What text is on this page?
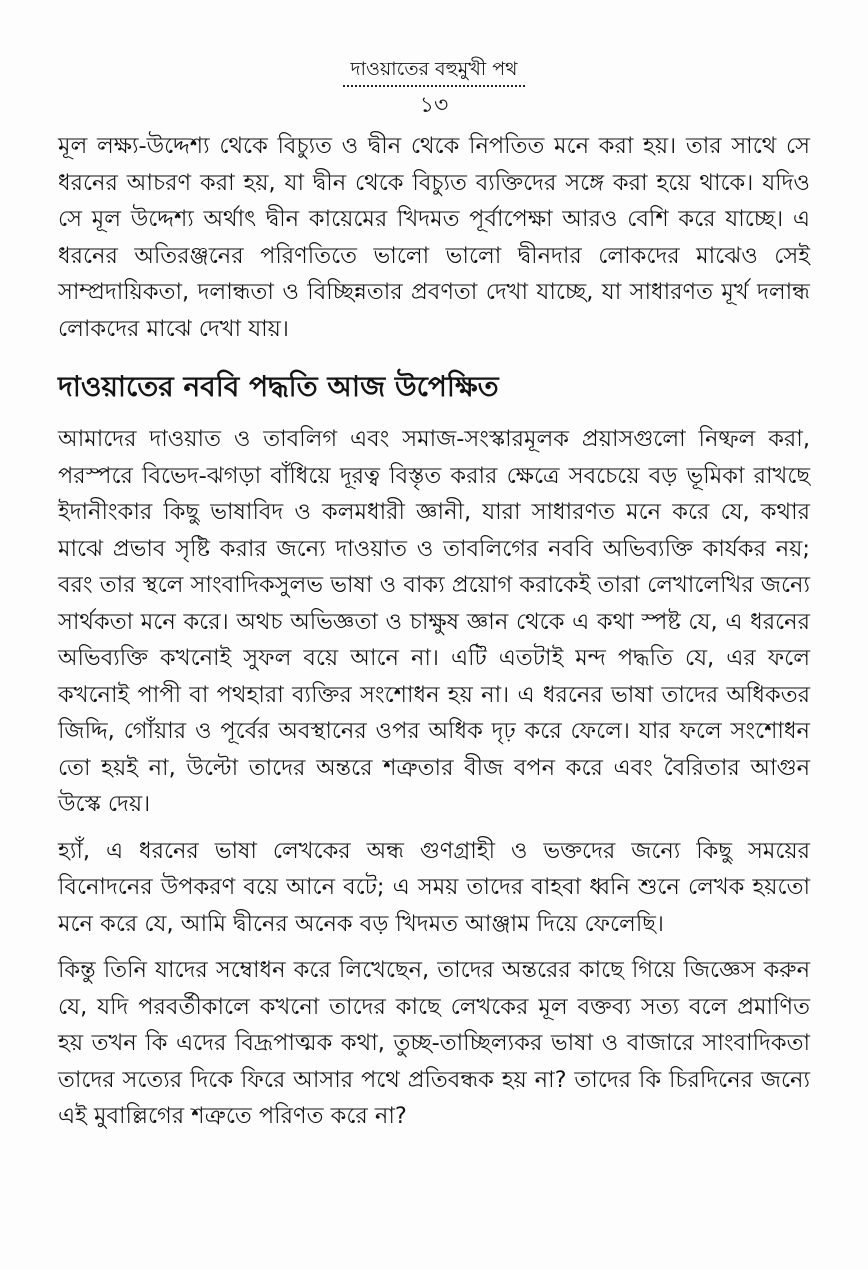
দাওয়াতের বহুমুখী পথ
১৩

মূল লক্ষ্য-উদ্দেশ্য থেকে বিচ্যুত ও দ্বীন থেকে নিপতিত মনে করা হয়। তার সাথে সে ধরনের আচরণ করা হয়, যা দ্বীন থেকে বিচ্যুত ব্যক্তিদের সঙ্গে করা হয়ে থাকে। যদিও সে মূল উদ্দেশ্য অর্থাৎ দ্বীন কায়েমের খিদমত পূর্বাপেক্ষা আরও বেশি করে যাচ্ছে। এ ধরনের অতিরঞ্জনের পরিণতিতে ভালো ভালো দ্বীনদার লোকদের মাঝেও সেই সাম্প্রদায়িকতা, দলান্ধতা ও বিচ্ছিন্নতার প্রবণতা দেখা যাচ্ছে, যা সাধারণত মূর্খ দলান্ধ লোকদের মাঝে দেখা যায়।

দাওয়াতের নববি পদ্ধতি আজ উপেক্ষিত

আমাদের দাওয়াত ও তাবলিগ এবং সমাজ-সংস্কারমূলক প্রয়াসগুলো নিষ্ফল করা, পরস্পরে বিভেদ-ঝগড়া বাঁধিয়ে দূরত্ব বিস্তৃত করার ক্ষেত্রে সবচেয়ে বড় ভূমিকা রাখছে ইদানীংকার কিছু ভাষাবিদ ও কলমধারী জ্ঞানী, যারা সাধারণত মনে করে যে, কথার মাঝে প্রভাব সৃষ্টি করার জন্যে দাওয়াত ও তাবলিগের নববি অভিব্যক্তি কার্যকর নয়; বরং তার স্থলে সাংবাদিকসুলভ ভাষা ও বাক্য প্রয়োগ করাকেই তারা লেখালেখির জন্যে সার্থকতা মনে করে। অথচ অভিজ্ঞতা ও চাক্ষুষ জ্ঞান থেকে এ কথা স্পষ্ট যে, এ ধরনের অভিব্যক্তি কখনোই সুফল বয়ে আনে না। এটি এতটাই মন্দ পদ্ধতি যে, এর ফলে কখনোই পাপী বা পথহারা ব্যক্তির সংশোধন হয় না। এ ধরনের ভাষা তাদের অধিকতর জিদ্দি, গোঁয়ার ও পূর্বের অবস্থানের ওপর অধিক দৃঢ় করে ফেলে। যার ফলে সংশোধন তো হয়ই না, উল্টো তাদের অন্তরে শত্রুতার বীজ বপন করে এবং বৈরিতার আগুন উস্কে দেয়।

হ্যাঁ, এ ধরনের ভাষা লেখকের অন্ধ গুণগ্রাহী ও ভক্তদের জন্যে কিছু সময়ের বিনোদনের উপকরণ বয়ে আনে বটে; এ সময় তাদের বাহবা ধ্বনি শুনে লেখক হয়তো মনে করে যে, আমি দ্বীনের অনেক বড় খিদমত আঞ্জাম দিয়ে ফেলেছি।

কিন্তু তিনি যাদের সম্বোধন করে লিখেছেন, তাদের অন্তরের কাছে গিয়ে জিজ্ঞেস করুন যে, যদি পরবর্তীকালে কখনো তাদের কাছে লেখকের মূল বক্তব্য সত্য বলে প্রমাণিত হয় তখন কি এদের বিদ্রূপাত্মক কথা, তুচ্ছ-তাচ্ছিল্যকর ভাষা ও বাজারে সাংবাদিকতা তাদের সত্যের দিকে ফিরে আসার পথে প্রতিবন্ধক হয় না? তাদের কি চিরদিনের জন্যে এই মুবাল্লিগের শত্রুতে পরিণত করে না?
